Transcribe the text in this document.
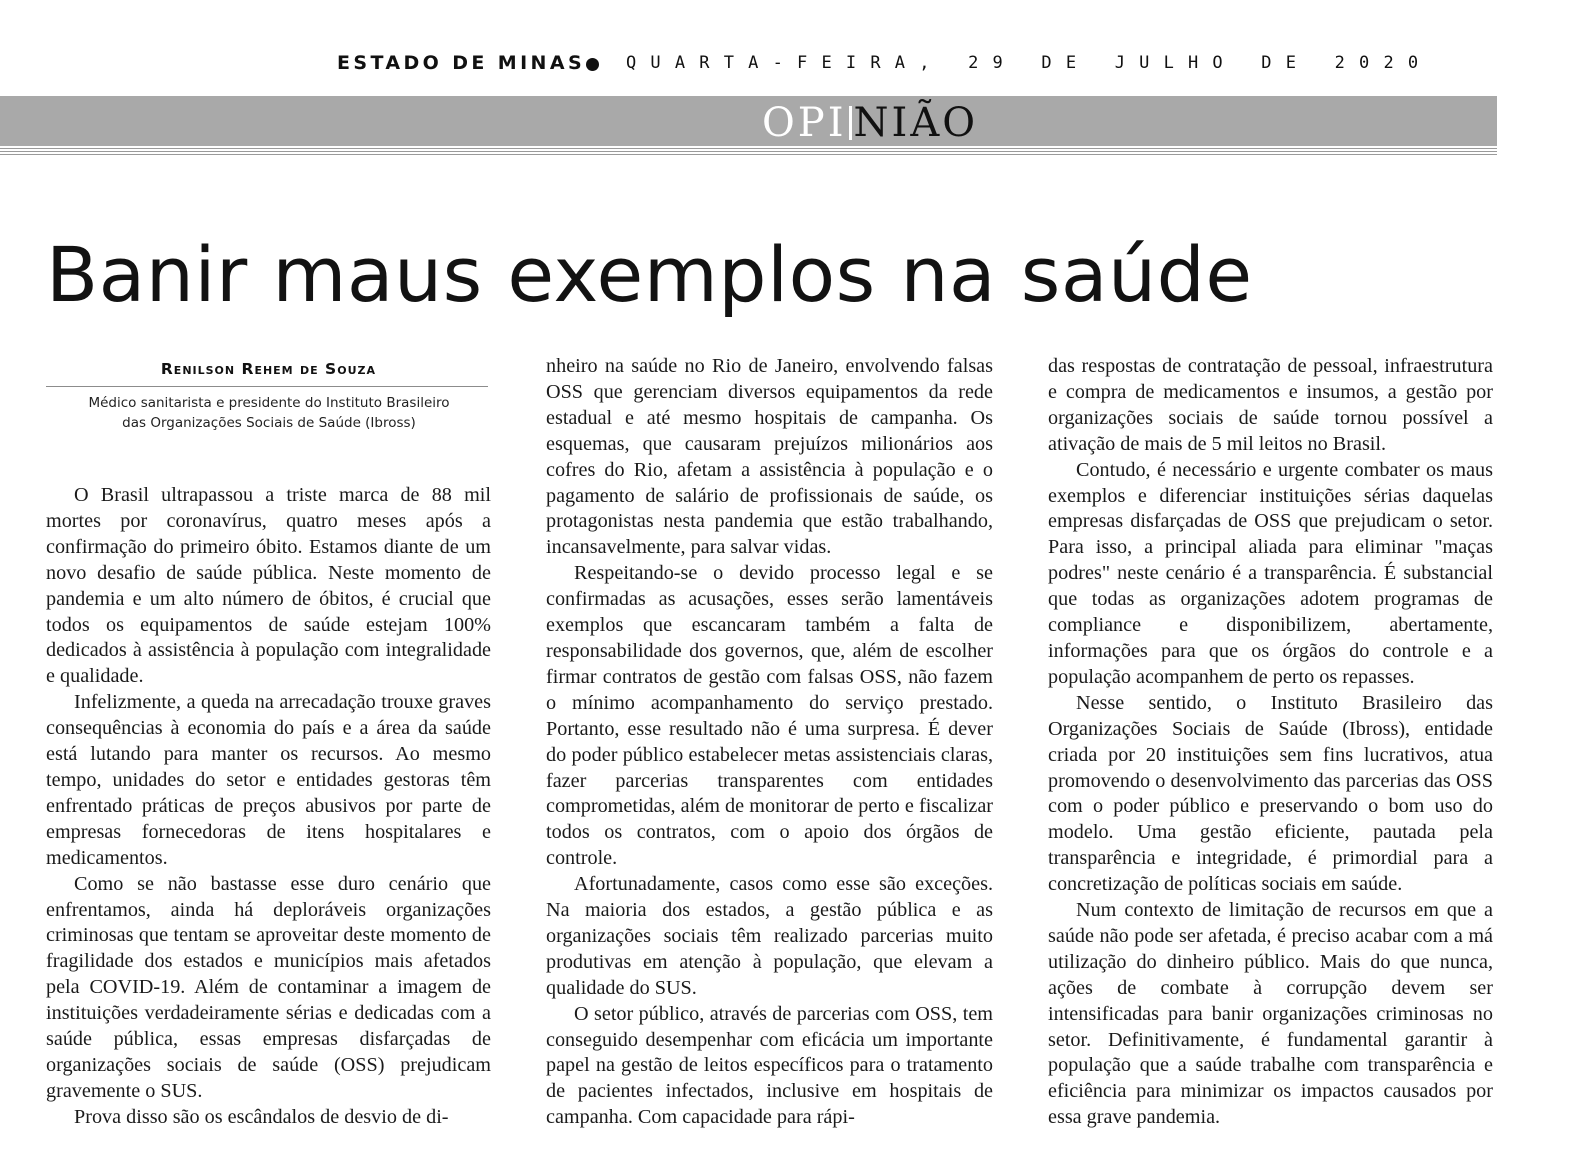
ESTADO DE MINAS QUARTA-FEIRA, 29 DE JULHO DE 2020
OPI NIÃO
Banir maus exemplos na saúde
Renilson Rehem de Souza
Médico sanitarista e presidente do Instituto Brasileiro das Organizações Sociais de Saúde (Ibross)

O Brasil ultrapassou a triste marca de 88 mil mortes por coronavírus, quatro meses após a confirmação do primeiro óbito. Estamos diante de um novo desafio de saúde pública. Neste momento de pandemia e um alto número de óbitos, é crucial que todos os equipamentos de saúde estejam 100% dedicados à assistência à população com integralidade e qualidade.

Infelizmente, a queda na arrecadação trouxe graves consequências à economia do país e a área da saúde está lutando para manter os recursos. Ao mesmo tempo, unidades do setor e entidades gestoras têm enfrentado práticas de preços abusivos por parte de empresas fornecedoras de itens hospitalares e medicamentos.

Como se não bastasse esse duro cenário que enfrentamos, ainda há deploráveis organizações criminosas que tentam se aproveitar deste momento de fragilidade dos estados e municípios mais afetados pela COVID-19. Além de contaminar a imagem de instituições verdadeiramente sérias e dedicadas com a saúde pública, essas empresas disfarçadas de organizações sociais de saúde (OSS) prejudicam gravemente o SUS.

Prova disso são os escândalos de desvio de di-

nheiro na saúde no Rio de Janeiro, envolvendo falsas OSS que gerenciam diversos equipamentos da rede estadual e até mesmo hospitais de campanha. Os esquemas, que causaram prejuízos milionários aos cofres do Rio, afetam a assistência à população e o pagamento de salário de profissionais de saúde, os protagonistas nesta pandemia que estão trabalhando, incansavelmente, para salvar vidas.

Respeitando-se o devido processo legal e se confirmadas as acusações, esses serão lamentáveis exemplos que escancaram também a falta de responsabilidade dos governos, que, além de escolher firmar contratos de gestão com falsas OSS, não fazem o mínimo acompanhamento do serviço prestado. Portanto, esse resultado não é uma surpresa. É dever do poder público estabelecer metas assistenciais claras, fazer parcerias transparentes com entidades comprometidas, além de monitorar de perto e fiscalizar todos os contratos, com o apoio dos órgãos de controle.

Afortunadamente, casos como esse são exceções. Na maioria dos estados, a gestão pública e as organizações sociais têm realizado parcerias muito produtivas em atenção à população, que elevam a qualidade do SUS.

O setor público, através de parcerias com OSS, tem conseguido desempenhar com eficácia um importante papel na gestão de leitos específicos para o tratamento de pacientes infectados, inclusive em hospitais de campanha. Com capacidade para rápi-

das respostas de contratação de pessoal, infraestrutura e compra de medicamentos e insumos, a gestão por organizações sociais de saúde tornou possível a ativação de mais de 5 mil leitos no Brasil.

Contudo, é necessário e urgente combater os maus exemplos e diferenciar instituições sérias daquelas empresas disfarçadas de OSS que prejudicam o setor. Para isso, a principal aliada para eliminar "maças podres" neste cenário é a transparência. É substancial que todas as organizações adotem programas de compliance e disponibilizem, abertamente, informações para que os órgãos do controle e a população acompanhem de perto os repasses.

Nesse sentido, o Instituto Brasileiro das Organizações Sociais de Saúde (Ibross), entidade criada por 20 instituições sem fins lucrativos, atua promovendo o desenvolvimento das parcerias das OSS com o poder público e preservando o bom uso do modelo. Uma gestão eficiente, pautada pela transparência e integridade, é primordial para a concretização de políticas sociais em saúde.

Num contexto de limitação de recursos em que a saúde não pode ser afetada, é preciso acabar com a má utilização do dinheiro público. Mais do que nunca, ações de combate à corrupção devem ser intensificadas para banir organizações criminosas no setor. Definitivamente, é fundamental garantir à população que a saúde trabalhe com transparência e eficiência para minimizar os impactos causados por essa grave pandemia.
